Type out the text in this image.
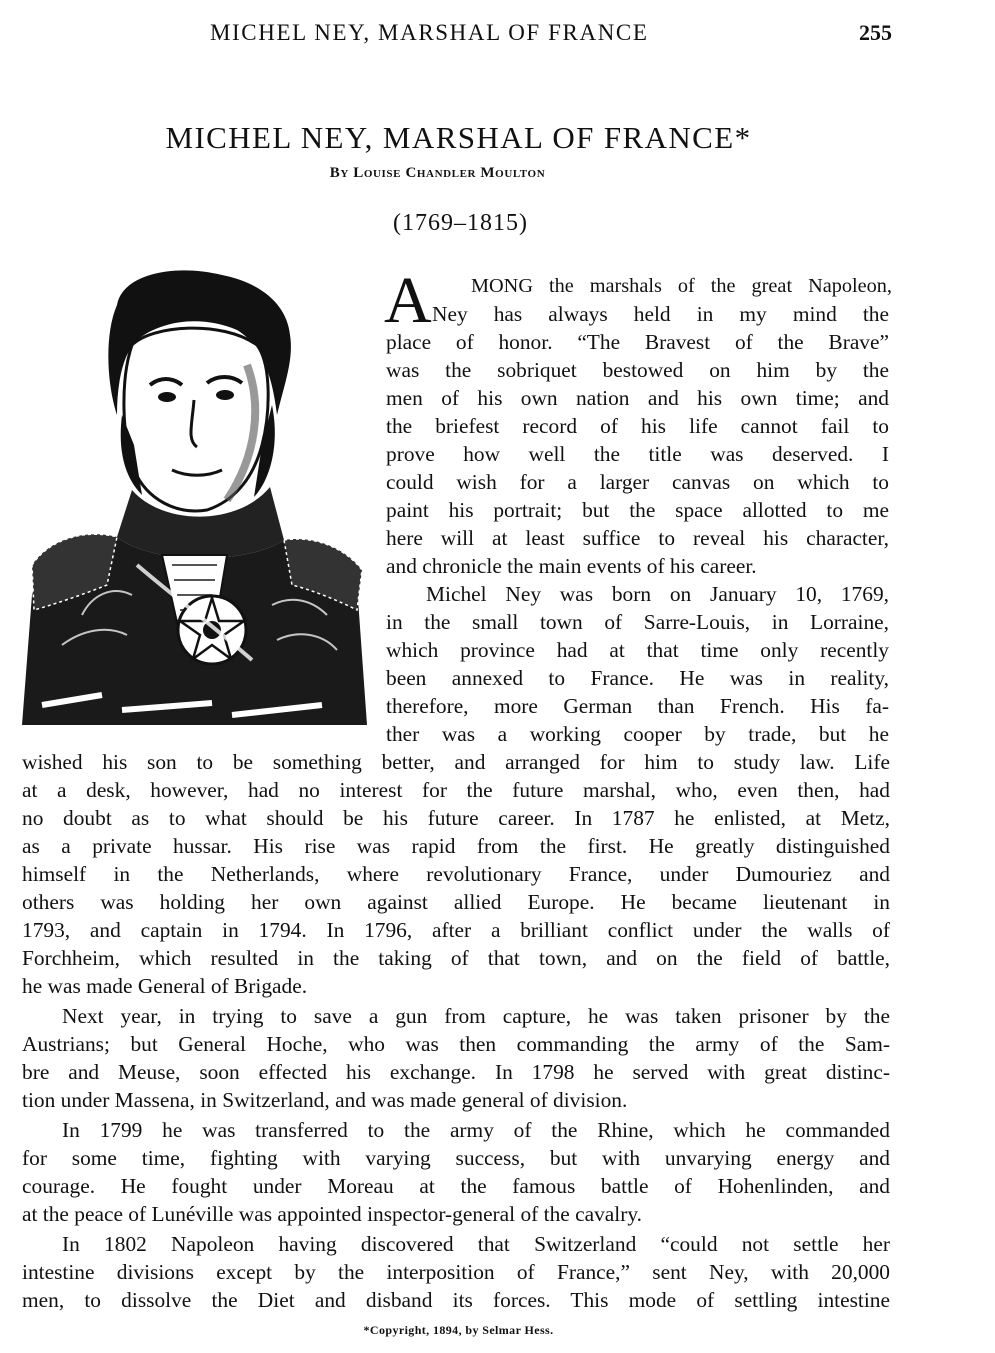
MICHEL NEY, MARSHAL OF FRANCE	255
MICHEL NEY, MARSHAL OF FRANCE*
By Louise Chandler Moulton
(1769–1815)
A MONG the marshals of the great Napoleon,
Ney has always held in my mind the
place of honor. “The Bravest of the Brave”
was the sobriquet bestowed on him by the
men of his own nation and his own time; and
the briefest record of his life cannot fail to
prove how well the title was deserved. I
could wish for a larger canvas on which to
paint his portrait; but the space allotted to me
here will at least suffice to reveal his character,
and chronicle the main events of his career.
Michel Ney was born on January 10, 1769,
in the small town of Sarre-Louis, in Lorraine,
which province had at that time only recently
been annexed to France. He was in reality,
therefore, more German than French. His fa-
ther was a working cooper by trade, but he
wished his son to be something better, and arranged for him to study law. Life
at a desk, however, had no interest for the future marshal, who, even then, had
no doubt as to what should be his future career. In 1787 he enlisted, at Metz,
as a private hussar. His rise was rapid from the first. He greatly distinguished
himself in the Netherlands, where revolutionary France, under Dumouriez and
others was holding her own against allied Europe. He became lieutenant in
1793, and captain in 1794. In 1796, after a brilliant conflict under the walls of
Forchheim, which resulted in the taking of that town, and on the field of battle,
he was made General of Brigade.
Next year, in trying to save a gun from capture, he was taken prisoner by the
Austrians; but General Hoche, who was then commanding the army of the Sam-
bre and Meuse, soon effected his exchange. In 1798 he served with great distinc-
tion under Massena, in Switzerland, and was made general of division.
In 1799 he was transferred to the army of the Rhine, which he commanded
for some time, fighting with varying success, but with unvarying energy and
courage. He fought under Moreau at the famous battle of Hohenlinden, and
at the peace of Lunéville was appointed inspector-general of the cavalry.
In 1802 Napoleon having discovered that Switzerland “could not settle her
intestine divisions except by the interposition of France,” sent Ney, with 20,000
men, to dissolve the Diet and disband its forces. This mode of settling intestine
*Copyright, 1894, by Selmar Hess.
